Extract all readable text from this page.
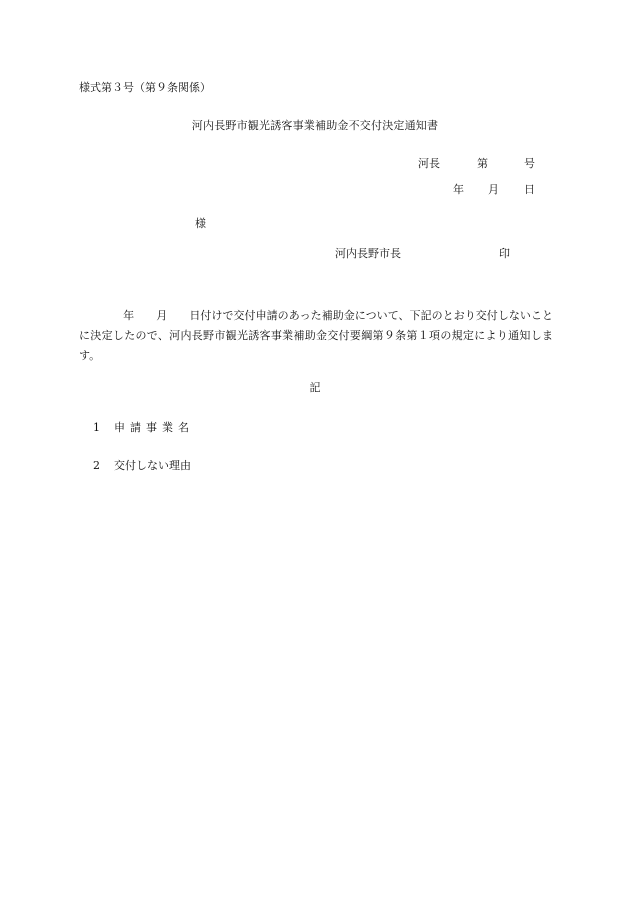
様式第３号（第９条関係）
河内長野市観光誘客事業補助金不交付決定通知書
河長	第	号
年 月 日
様
河内長野市長	印
　　　　年　　月　　日付けで交付申請のあった補助金について、下記のとおり交付しないことに決定したので、河内長野市観光誘客事業補助金交付要綱第９条第１項の規定により通知します。
記
1 申請事業名
2 交付しない理由
